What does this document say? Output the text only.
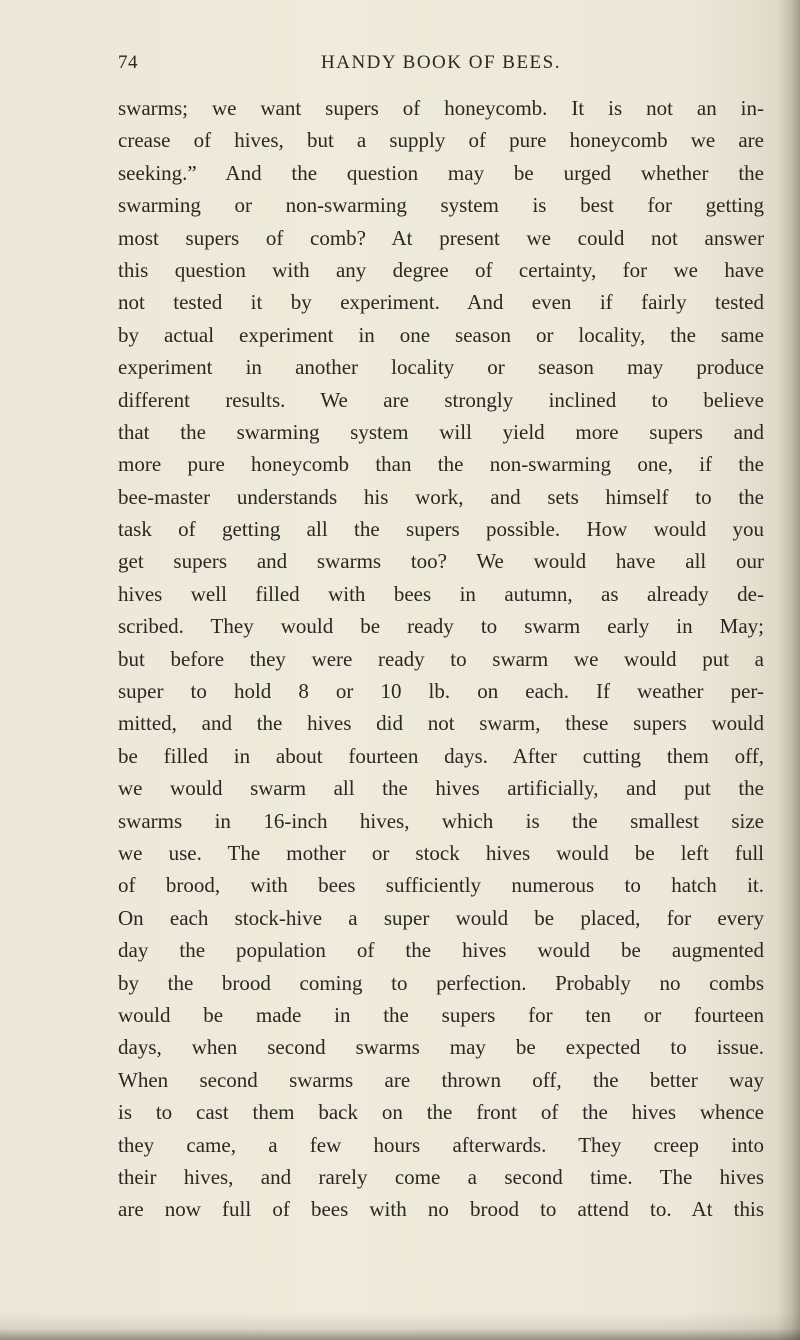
74	HANDY BOOK OF BEES.
swarms; we want supers of honeycomb. It is not an in-
crease of hives, but a supply of pure honeycomb we are
seeking.” And the question may be urged whether the
swarming or non-swarming system is best for getting
most supers of comb? At present we could not answer
this question with any degree of certainty, for we have
not tested it by experiment. And even if fairly tested
by actual experiment in one season or locality, the same
experiment in another locality or season may produce
different results. We are strongly inclined to believe
that the swarming system will yield more supers and
more pure honeycomb than the non-swarming one, if the
bee-master understands his work, and sets himself to the
task of getting all the supers possible. How would you
get supers and swarms too? We would have all our
hives well filled with bees in autumn, as already de-
scribed. They would be ready to swarm early in May;
but before they were ready to swarm we would put a
super to hold 8 or 10 lb. on each. If weather per-
mitted, and the hives did not swarm, these supers would
be filled in about fourteen days. After cutting them off,
we would swarm all the hives artificially, and put the
swarms in 16-inch hives, which is the smallest size
we use. The mother or stock hives would be left full
of brood, with bees sufficiently numerous to hatch it.
On each stock-hive a super would be placed, for every
day the population of the hives would be augmented
by the brood coming to perfection. Probably no combs
would be made in the supers for ten or fourteen
days, when second swarms may be expected to issue.
When second swarms are thrown off, the better way
is to cast them back on the front of the hives whence
they came, a few hours afterwards. They creep into
their hives, and rarely come a second time. The hives
are now full of bees with no brood to attend to. At this
